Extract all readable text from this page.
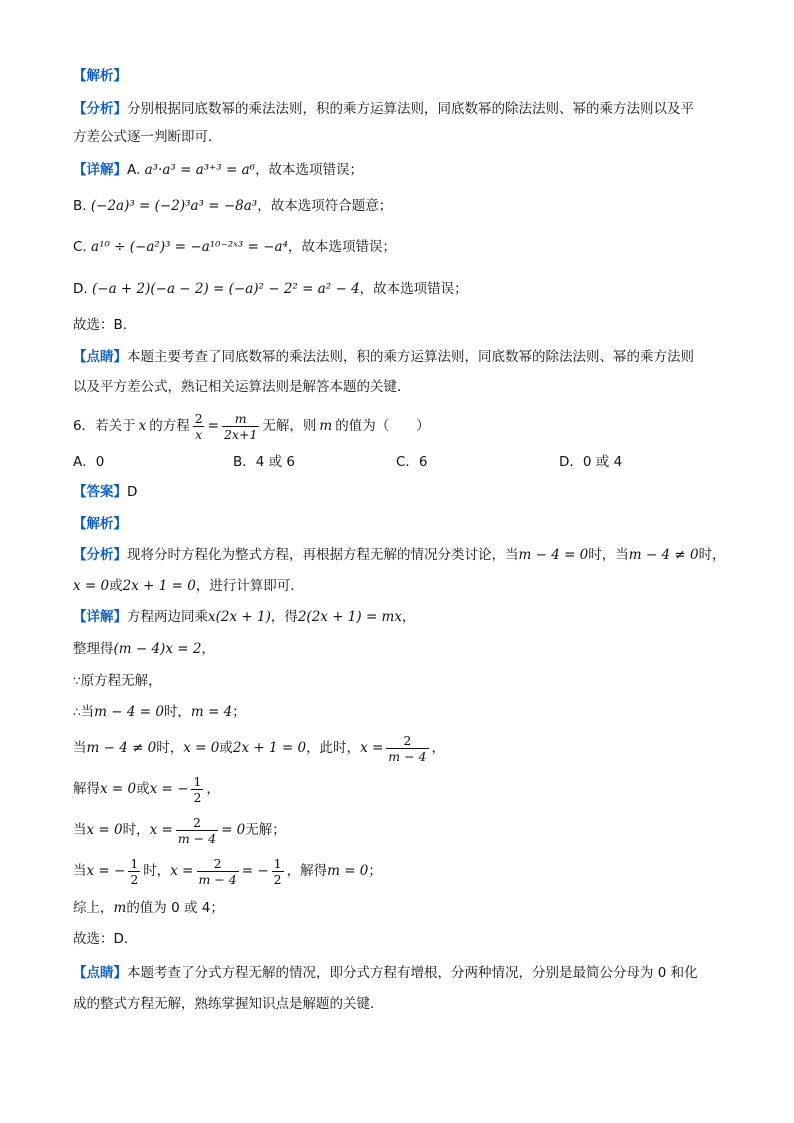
【解析】
【分析】分别根据同底数幂的乘法法则，积的乘方运算法则，同底数幂的除法法则、幂的乘方法则以及平
方差公式逐一判断即可．
【详解】A. a³·a³ = a³⁺³ = a⁶，故本选项错误；
B. (−2a)³ = (−2)³a³ = −8a³，故本选项符合题意；
C. a¹⁰ ÷ (−a²)³ = −a¹⁰⁻²ˣ³ = −a⁴，故本选项错误；
D. (−a + 2)(−a − 2) = (−a)² − 2² = a² − 4，故本选项错误；
故选：B．
【点睛】本题主要考查了同底数幂的乘法法则，积的乘方运算法则，同底数幂的除法法则、幂的乘方法则
以及平方差公式，熟记相关运算法则是解答本题的关键．
6．若关于 x 的方程 $\frac{2}{x} = \frac{m}{2x+1}$ 无解，则 m 的值为（　　）
A．0	B．4 或 6	C．6	D．0 或 4
【答案】D
【解析】
【分析】现将分时方程化为整式方程，再根据方程无解的情况分类讨论，当m − 4 = 0时，当m − 4 ≠ 0时，
x = 0或2x + 1 = 0，进行计算即可．
【详解】方程两边同乘x(2x + 1)，得2(2x + 1) = mx，
整理得(m − 4)x = 2，
∵原方程无解，
∴当m − 4 = 0时，m = 4；
当 m − 4 ≠ 0 时， x = 0 或 2x + 1 = 0 ，此时， $x = \frac{2}{m - 4}$ ，
解得 x = 0 或 x = − $\frac{1}{2}$ ，
当 x = 0 时， $x = \frac{2}{m - 4} = 0$ 无解；
当 x = − $\frac{1}{2}$ 时， $x = \frac{2}{m - 4}$ = − $\frac{1}{2}$ ，解得 m = 0 ；
综上，m的值为 0 或 4；
故选：D．
【点睛】本题考查了分式方程无解的情况，即分式方程有增根，分两种情况，分别是最简公分母为 0 和化
成的整式方程无解，熟练掌握知识点是解题的关键．
